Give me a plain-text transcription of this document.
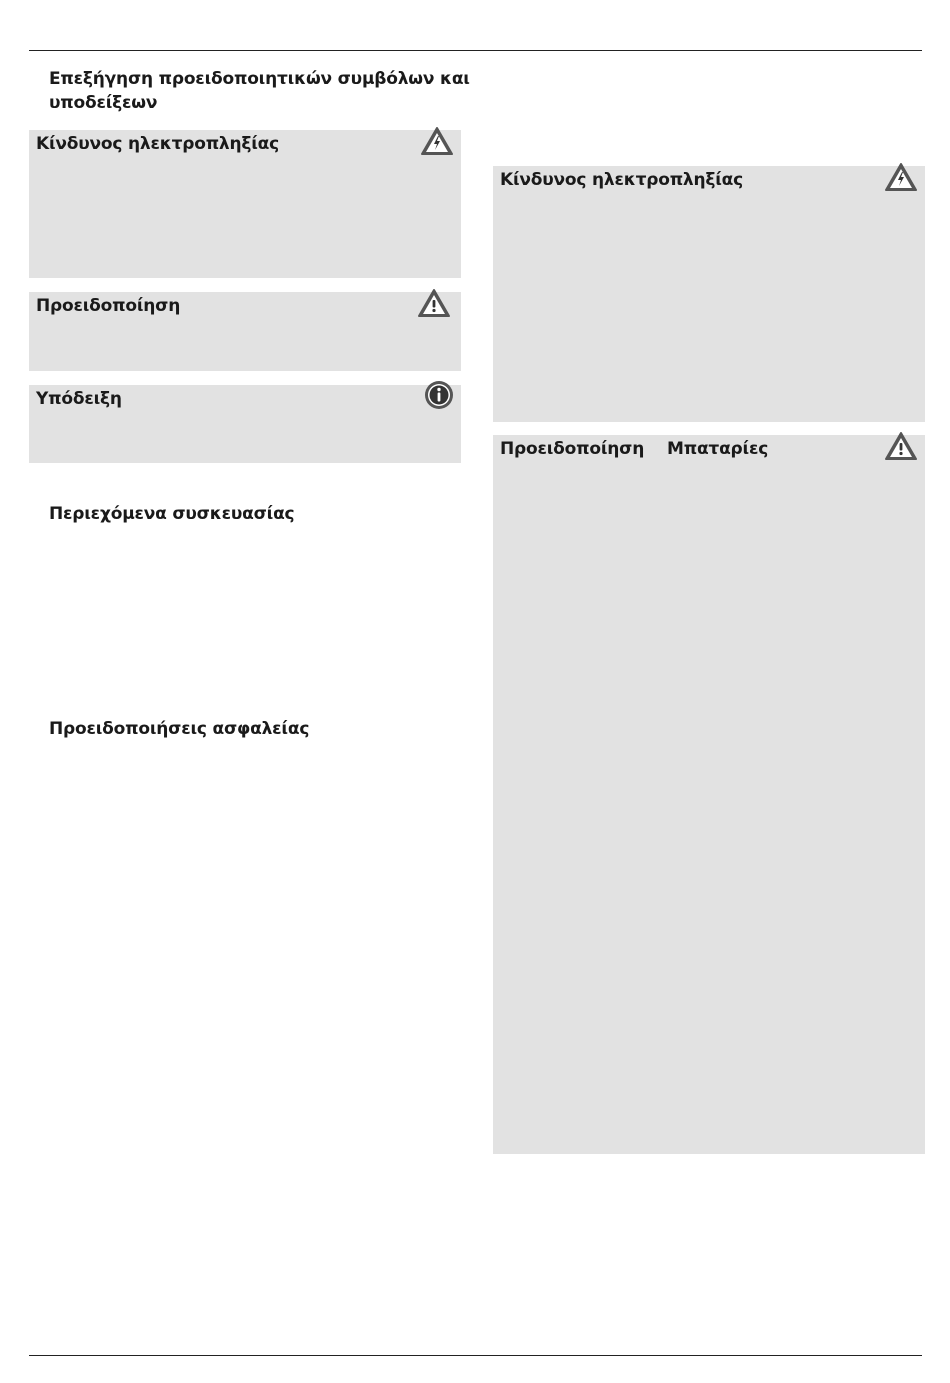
Επεξήγηση προειδοποιητικών συμβόλων και
υποδείξεων
Κίνδυνος ηλεκτροπληξίας
Προειδοποίηση
Υπόδειξη
Περιεχόμενα συσκευασίας
Προειδοποιήσεις ασφαλείας
Κίνδυνος ηλεκτροπληξίας
Προειδοποίηση    Μπαταρίες
